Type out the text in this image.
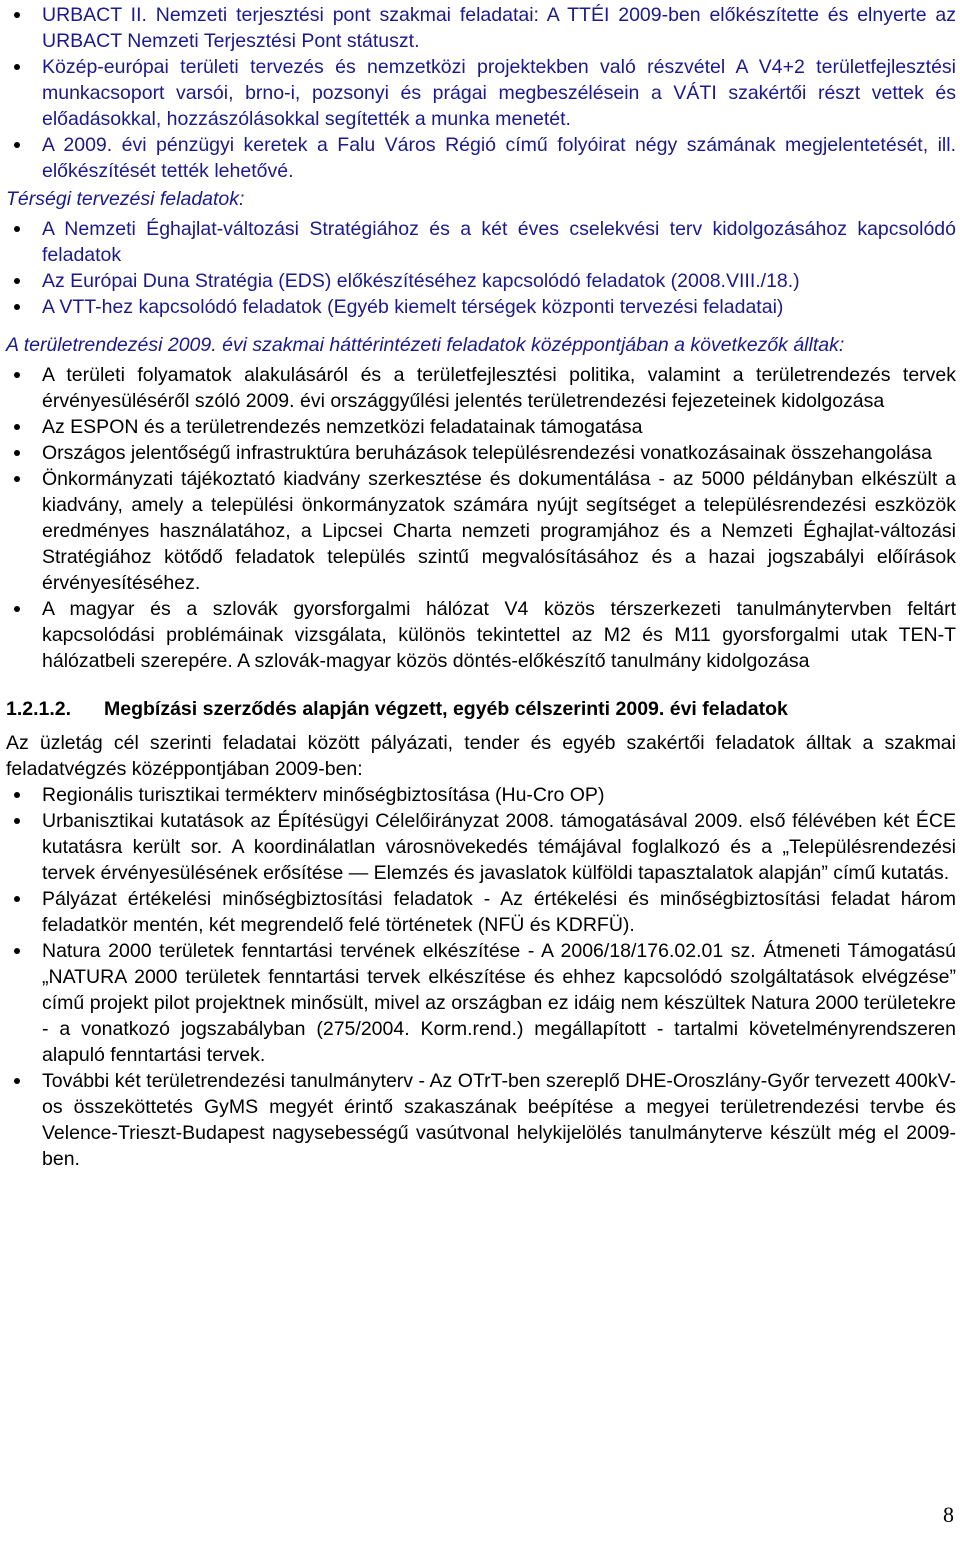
URBACT II. Nemzeti terjesztési pont szakmai feladatai: A TTÉI 2009-ben előkészítette és elnyerte az URBACT Nemzeti Terjesztési Pont státuszt.
Közép-európai területi tervezés és nemzetközi projektekben való részvétel A V4+2 területfejlesztési munkacsoport varsói, brno-i, pozsonyi és prágai megbeszélésein a VÁTI szakértői részt vettek és előadásokkal, hozzászólásokkal segítették a munka menetét.
A 2009. évi pénzügyi keretek a Falu Város Régió című folyóirat négy számának megjelentetését, ill. előkészítését tették lehetővé.
Térségi tervezési feladatok:
A Nemzeti Éghajlat-változási Stratégiához és a két éves cselekvési terv kidolgozásához kapcsolódó feladatok
Az Európai Duna Stratégia (EDS) előkészítéséhez kapcsolódó feladatok (2008.VIII./18.)
A VTT-hez kapcsolódó feladatok (Egyéb kiemelt térségek központi tervezési feladatai)
A területrendezési 2009. évi szakmai háttérintézeti feladatok középpontjában a következők álltak:
A területi folyamatok alakulásáról és a területfejlesztési politika, valamint a területrendezés tervek érvényesüléséről szóló 2009. évi országgyűlési jelentés területrendezési fejezeteinek kidolgozása
Az ESPON és a területrendezés nemzetközi feladatainak támogatása
Országos jelentőségű infrastruktúra beruházások településrendezési vonatkozásainak összehangolása
Önkormányzati tájékoztató kiadvány szerkesztése és dokumentálása - az 5000 példányban elkészült a kiadvány, amely a települési önkormányzatok számára nyújt segítséget a településrendezési eszközök eredményes használatához, a Lipcsei Charta nemzeti programjához és a Nemzeti Éghajlat-változási Stratégiához kötődő feladatok település szintű megvalósításához és a hazai jogszabályi előírások érvényesítéséhez.
A magyar és a szlovák gyorsforgalmi hálózat V4 közös térszerkezeti tanulmánytervben feltárt kapcsolódási problémáinak vizsgálata, különös tekintettel az M2 és M11 gyorsforgalmi utak TEN-T hálózatbeli szerepére. A szlovák-magyar közös döntés-előkészítő tanulmány kidolgozása
1.2.1.2. Megbízási szerződés alapján végzett, egyéb célszerinti 2009. évi feladatok
Az üzletág cél szerinti feladatai között pályázati, tender és egyéb szakértői feladatok álltak a szakmai feladatvégzés középpontjában 2009-ben:
Regionális turisztikai termékterv minőségbiztosítása (Hu-Cro OP)
Urbanisztikai kutatások az Építésügyi Célelőirányzat 2008. támogatásával 2009. első félévében két ÉCE kutatásra került sor. A koordinálatlan városnövekedés témájával foglalkozó és a „Településrendezési tervek érvényesülésének erősítése — Elemzés és javaslatok külföldi tapasztalatok alapján” című kutatás.
Pályázat értékelési minőségbiztosítási feladatok - Az értékelési és minőségbiztosítási feladat három feladatkör mentén, két megrendelő felé történetek (NFÜ és KDRFÜ).
Natura 2000 területek fenntartási tervének elkészítése - A 2006/18/176.02.01 sz. Átmeneti Támogatású „NATURA 2000 területek fenntartási tervek elkészítése és ehhez kapcsolódó szolgáltatások elvégzése” című projekt pilot projektnek minősült, mivel az országban ez idáig nem készültek Natura 2000 területekre - a vonatkozó jogszabályban (275/2004. Korm.rend.) megállapított - tartalmi követelményrendszeren alapuló fenntartási tervek.
További két területrendezési tanulmányterv - Az OTrT-ben szereplő DHE-Oroszlány-Győr tervezett 400kV-os összeköttetés GyMS megyét érintő szakaszának beépítése a megyei területrendezési tervbe és Velence-Trieszt-Budapest nagysebességű vasútvonal helykijelölés tanulmányterve készült még el 2009-ben.
8
